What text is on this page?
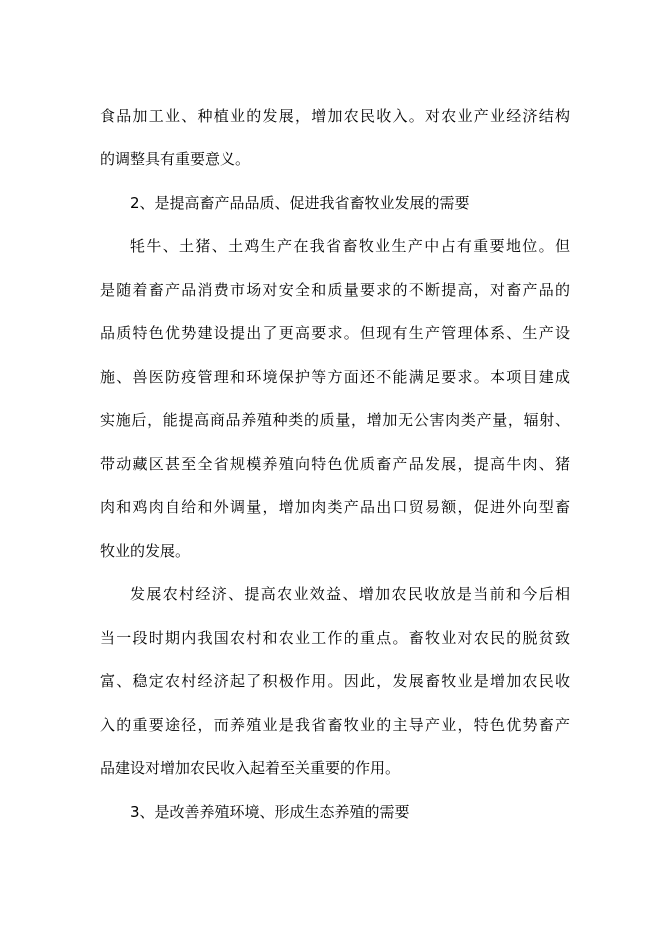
食品加工业、种植业的发展，增加农民收入。对农业产业经济结构
的调整具有重要意义。
2、是提高畜产品品质、促进我省畜牧业发展的需要
牦牛、土猪、土鸡生产在我省畜牧业生产中占有重要地位。但
是随着畜产品消费市场对安全和质量要求的不断提高，对畜产品的
品质特色优势建设提出了更高要求。但现有生产管理体系、生产设
施、兽医防疫管理和环境保护等方面还不能满足要求。本项目建成
实施后，能提高商品养殖种类的质量，增加无公害肉类产量，辐射、
带动藏区甚至全省规模养殖向特色优质畜产品发展，提高牛肉、猪
肉和鸡肉自给和外调量，增加肉类产品出口贸易额，促进外向型畜
牧业的发展。
发展农村经济、提高农业效益、增加农民收放是当前和今后相
当一段时期内我国农村和农业工作的重点。畜牧业对农民的脱贫致
富、稳定农村经济起了积极作用。因此，发展畜牧业是增加农民收
入的重要途径，而养殖业是我省畜牧业的主导产业，特色优势畜产
品建设对增加农民收入起着至关重要的作用。
3、是改善养殖环境、形成生态养殖的需要
